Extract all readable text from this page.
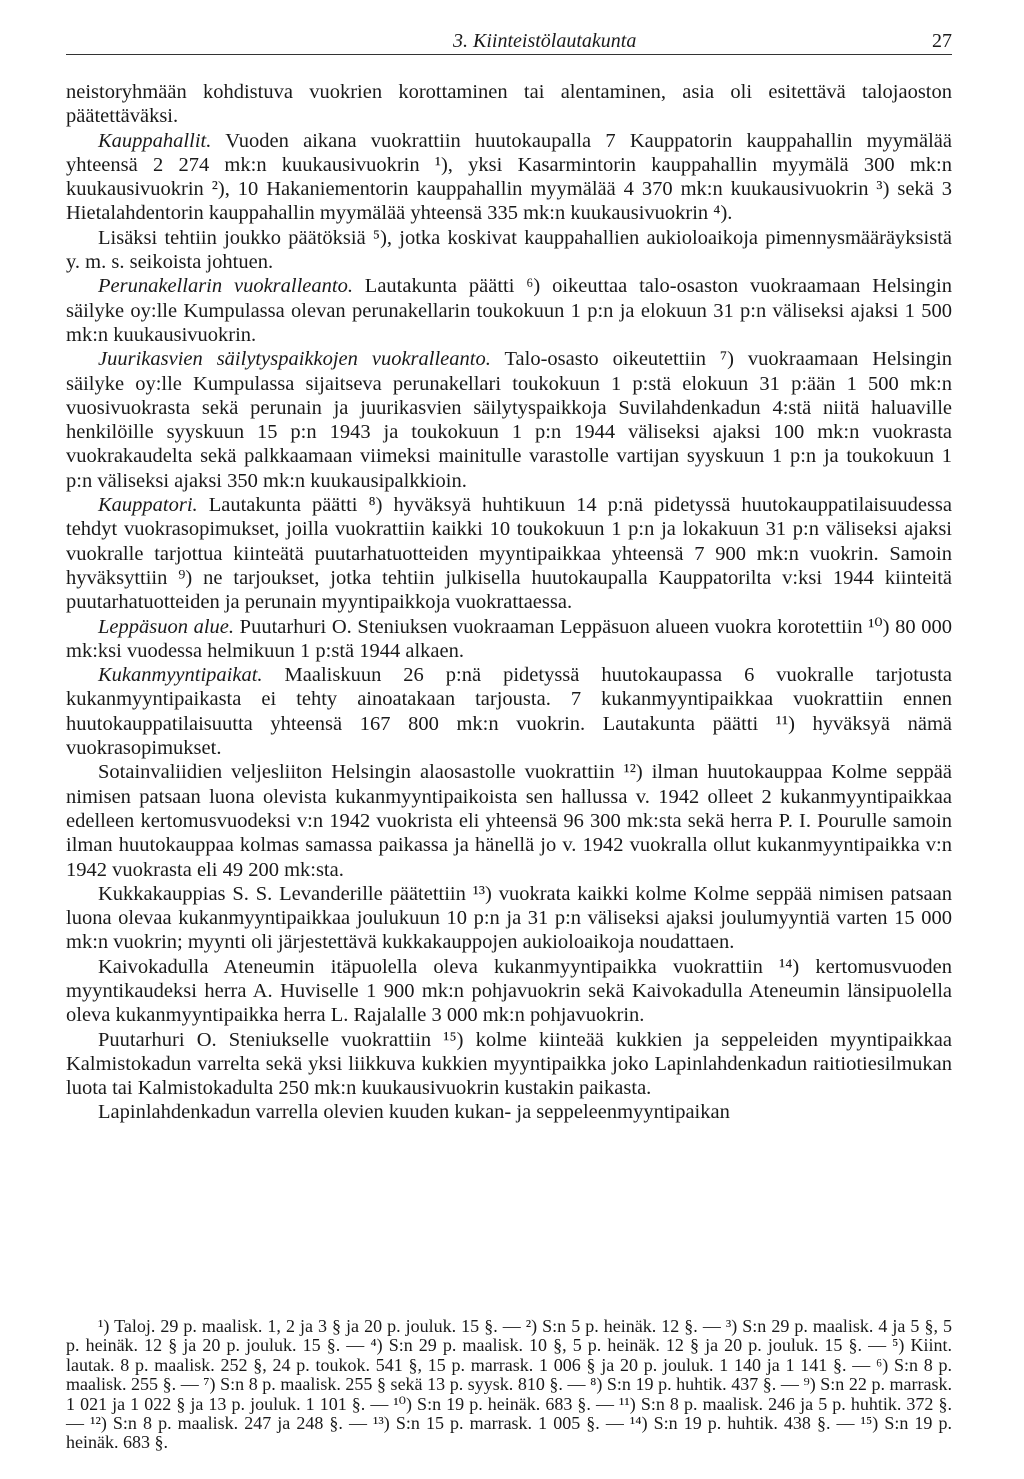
3. Kiinteistölautakunta	27

neistoryhmään kohdistuva vuokrien korottaminen tai alentaminen, asia oli esitettävä talojaoston päätettäväksi.

Kauppahallit. Vuoden aikana vuokrattiin huutokaupalla 7 Kauppatorin kauppahallin myymälää yhteensä 2 274 mk:n kuukausivuokrin ¹), yksi Kasarmintorin kauppahallin myymälä 300 mk:n kuukausivuokrin ²), 10 Hakaniementorin kauppahallin myymälää 4 370 mk:n kuukausivuokrin ³) sekä 3 Hietalahdentorin kauppahallin myymälää yhteensä 335 mk:n kuukausivuokrin ⁴).

Lisäksi tehtiin joukko päätöksiä ⁵), jotka koskivat kauppahallien aukioloaikoja pimennysmääräyksistä y. m. s. seikoista johtuen.

Perunakellarin vuokralleanto. Lautakunta päätti ⁶) oikeuttaa talo-osaston vuokraamaan Helsingin säilyke oy:lle Kumpulassa olevan perunakellarin toukokuun 1 p:n ja elokuun 31 p:n väliseksi ajaksi 1 500 mk:n kuukausivuokrin.

Juurikasvien säilytyspaikkojen vuokralleanto. Talo-osasto oikeutettiin ⁷) vuokraamaan Helsingin säilyke oy:lle Kumpulassa sijaitseva perunakellari toukokuun 1 p:stä elokuun 31 p:ään 1 500 mk:n vuosivuokrasta sekä perunain ja juurikasvien säilytyspaikkoja Suvilahdenkadun 4:stä niitä haluaville henkilöille syyskuun 15 p:n 1943 ja toukokuun 1 p:n 1944 väliseksi ajaksi 100 mk:n vuokrasta vuokrakaudelta sekä palkkaamaan viimeksi mainitulle varastolle vartijan syyskuun 1 p:n ja toukokuun 1 p:n väliseksi ajaksi 350 mk:n kuukausipalkkioin.

Kauppatori. Lautakunta päätti ⁸) hyväksyä huhtikuun 14 p:nä pidetyssä huutokauppatilaisuudessa tehdyt vuokrasopimukset, joilla vuokrattiin kaikki 10 toukokuun 1 p:n ja lokakuun 31 p:n väliseksi ajaksi vuokralle tarjottua kiinteätä puutarhatuotteiden myyntipaikkaa yhteensä 7 900 mk:n vuokrin. Samoin hyväksyttiin ⁹) ne tarjoukset, jotka tehtiin julkisella huutokaupalla Kauppatorilta v:ksi 1944 kiinteitä puutarhatuotteiden ja perunain myyntipaikkoja vuokrattaessa.

Leppäsuon alue. Puutarhuri O. Steniuksen vuokraaman Leppäsuon alueen vuokra korotettiin ¹⁰) 80 000 mk:ksi vuodessa helmikuun 1 p:stä 1944 alkaen.

Kukanmyyntipaikat. Maaliskuun 26 p:nä pidetyssä huutokaupassa 6 vuokralle tarjotusta kukanmyyntipaikasta ei tehty ainoatakaan tarjousta. 7 kukanmyyntipaikkaa vuokrattiin ennen huutokauppatilaisuutta yhteensä 167 800 mk:n vuokrin. Lautakunta päätti ¹¹) hyväksyä nämä vuokrasopimukset.

Sotainvaliidien veljesliiton Helsingin alaosastolle vuokrattiin ¹²) ilman huutokauppaa Kolme seppää nimisen patsaan luona olevista kukanmyyntipaikoista sen hallussa v. 1942 olleet 2 kukanmyyntipaikkaa edelleen kertomusvuodeksi v:n 1942 vuokrista eli yhteensä 96 300 mk:sta sekä herra P. I. Pourulle samoin ilman huutokauppaa kolmas samassa paikassa ja hänellä jo v. 1942 vuokralla ollut kukanmyyntipaikka v:n 1942 vuokrasta eli 49 200 mk:sta.

Kukkakauppias S. S. Levanderille päätettiin ¹³) vuokrata kaikki kolme Kolme seppää nimisen patsaan luona olevaa kukanmyyntipaikkaa joulukuun 10 p:n ja 31 p:n väliseksi ajaksi joulumyyntiä varten 15 000 mk:n vuokrin; myynti oli järjestettävä kukkakauppojen aukioloaikoja noudattaen.

Kaivokadulla Ateneumin itäpuolella oleva kukanmyyntipaikka vuokrattiin ¹⁴) kertomusvuoden myyntikaudeksi herra A. Huviselle 1 900 mk:n pohjavuokrin sekä Kaivokadulla Ateneumin länsipuolella oleva kukanmyyntipaikka herra L. Rajalalle 3 000 mk:n pohjavuokrin.

Puutarhuri O. Steniukselle vuokrattiin ¹⁵) kolme kiinteää kukkien ja seppeleiden myyntipaikkaa Kalmistokadun varrelta sekä yksi liikkuva kukkien myyntipaikka joko Lapinlahdenkadun raitiotiesilmukan luota tai Kalmistokadulta 250 mk:n kuukausivuokrin kustakin paikasta.

Lapinlahdenkadun varrella olevien kuuden kukan- ja seppeleenmyyntipaikan

¹) Taloj. 29 p. maalisk. 1, 2 ja 3 § ja 20 p. jouluk. 15 §. — ²) S:n 5 p. heinäk. 12 §. — ³) S:n 29 p. maalisk. 4 ja 5 §, 5 p. heinäk. 12 § ja 20 p. jouluk. 15 §. — ⁴) S:n 29 p. maalisk. 10 §, 5 p. heinäk. 12 § ja 20 p. jouluk. 15 §. — ⁵) Kiint. lautak. 8 p. maalisk. 252 §, 24 p. toukok. 541 §, 15 p. marrask. 1 006 § ja 20 p. jouluk. 1 140 ja 1 141 §. — ⁶) S:n 8 p. maalisk. 255 §. — ⁷) S:n 8 p. maalisk. 255 § sekä 13 p. syysk. 810 §. — ⁸) S:n 19 p. huhtik. 437 §. — ⁹) S:n 22 p. marrask. 1 021 ja 1 022 § ja 13 p. jouluk. 1 101 §. — ¹⁰) S:n 19 p. heinäk. 683 §. — ¹¹) S:n 8 p. maalisk. 246 ja 5 p. huhtik. 372 §. — ¹²) S:n 8 p. maalisk. 247 ja 248 §. — ¹³) S:n 15 p. marrask. 1 005 §. — ¹⁴) S:n 19 p. huhtik. 438 §. — ¹⁵) S:n 19 p. heinäk. 683 §.
